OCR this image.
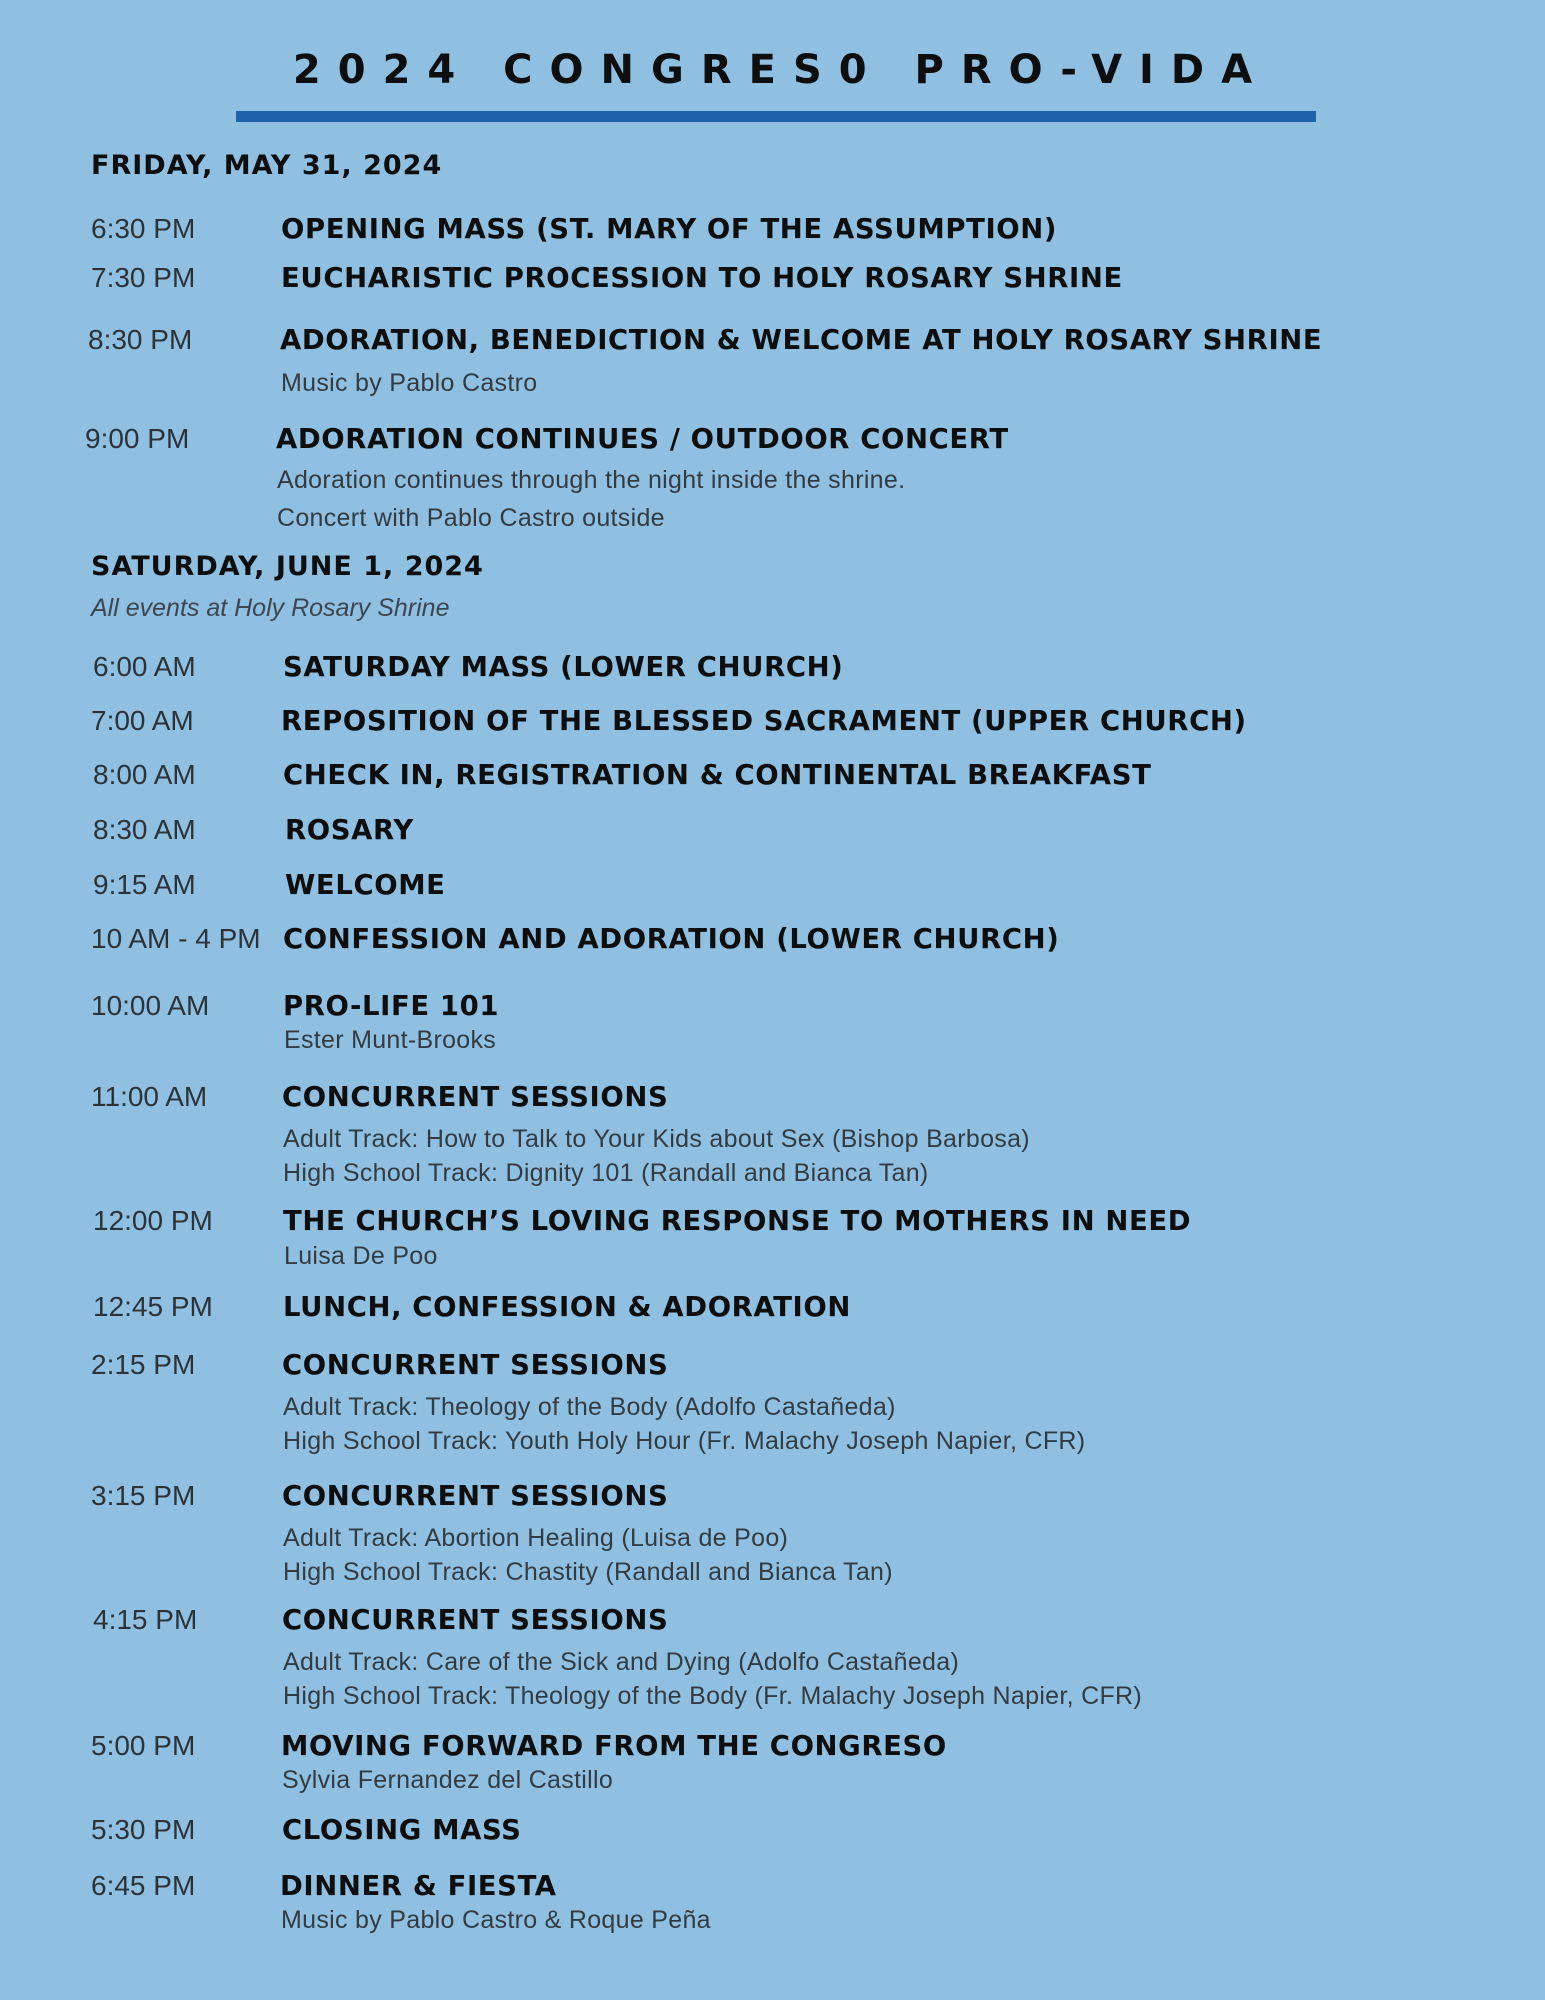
2024 CONGRES0 PRO-VIDA
FRIDAY, MAY 31, 2024
6:30 PM	OPENING MASS (ST. MARY OF THE ASSUMPTION)
7:30 PM	EUCHARISTIC PROCESSION TO HOLY ROSARY SHRINE
8:30 PM	ADORATION, BENEDICTION & WELCOME AT HOLY ROSARY SHRINE
Music by Pablo Castro
9:00 PM	ADORATION CONTINUES / OUTDOOR CONCERT
Adoration continues through the night inside the shrine.
Concert with Pablo Castro outside
SATURDAY, JUNE 1, 2024
All events at Holy Rosary Shrine
6:00 AM	SATURDAY MASS (LOWER CHURCH)
7:00 AM	REPOSITION OF THE BLESSED SACRAMENT (UPPER CHURCH)
8:00 AM	CHECK IN, REGISTRATION & CONTINENTAL BREAKFAST
8:30 AM	ROSARY
9:15 AM	WELCOME
10 AM - 4 PM CONFESSION AND ADORATION (LOWER CHURCH)
10:00 AM	PRO-LIFE 101
Ester Munt-Brooks
11:00 AM	CONCURRENT SESSIONS
Adult Track: How to Talk to Your Kids about Sex (Bishop Barbosa)
High School Track: Dignity 101 (Randall and Bianca Tan)
12:00 PM	THE CHURCH’S LOVING RESPONSE TO MOTHERS IN NEED
Luisa De Poo
12:45 PM	LUNCH, CONFESSION & ADORATION
2:15 PM	CONCURRENT SESSIONS
Adult Track: Theology of the Body (Adolfo Castañeda)
High School Track: Youth Holy Hour (Fr. Malachy Joseph Napier, CFR)
3:15 PM	CONCURRENT SESSIONS
Adult Track: Abortion Healing (Luisa de Poo)
High School Track: Chastity (Randall and Bianca Tan)
4:15 PM	CONCURRENT SESSIONS
Adult Track: Care of the Sick and Dying (Adolfo Castañeda)
High School Track: Theology of the Body (Fr. Malachy Joseph Napier, CFR)
5:00 PM	MOVING FORWARD FROM THE CONGRESO
Sylvia Fernandez del Castillo
5:30 PM	CLOSING MASS
6:45 PM	DINNER & FIESTA
Music by Pablo Castro & Roque Peña
